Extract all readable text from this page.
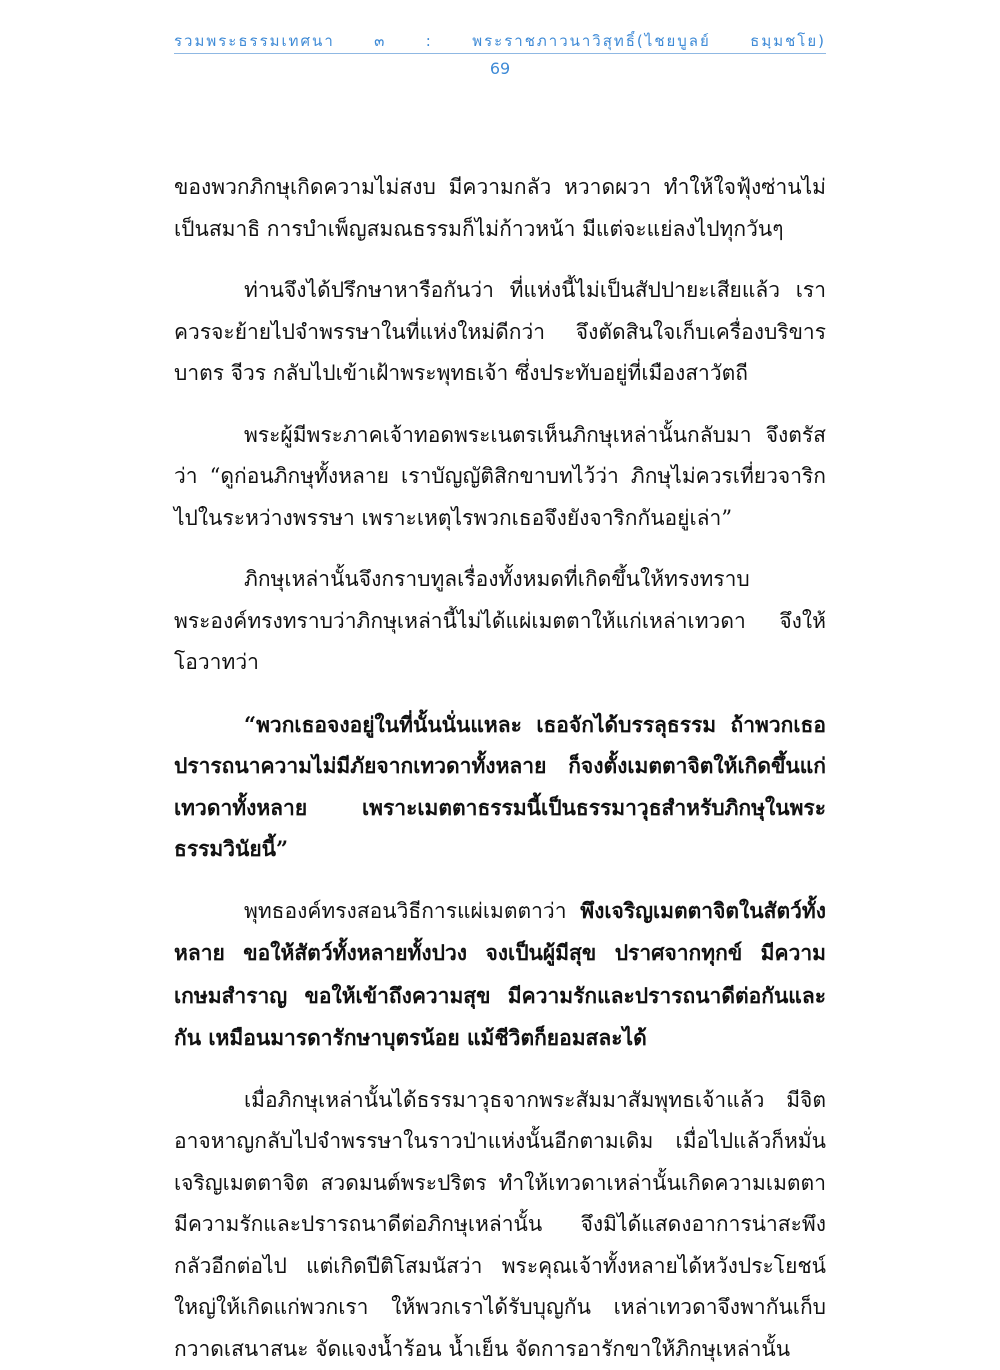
รวมพระธรรมเทศนา ๓ : พระราชภาวนาวิสุทธิ์(ไชยบูลย์ ธมฺมชโย)
69

ของพวกภิกษุเกิดความไม่สงบ มีความกลัว หวาดผวา ทำให้ใจฟุ้งซ่านไม่เป็นสมาธิ การบำเพ็ญสมณธรรมก็ไม่ก้าวหน้า มีแต่จะแย่ลงไปทุกวันๆ

ท่านจึงได้ปรึกษาหารือกันว่า ที่แห่งนี้ไม่เป็นสัปปายะเสียแล้ว เราควรจะย้ายไปจำพรรษาในที่แห่งใหม่ดีกว่า จึงตัดสินใจเก็บเครื่องบริขาร บาตร จีวร กลับไปเข้าเฝ้าพระพุทธเจ้า ซึ่งประทับอยู่ที่เมืองสาวัตถี

พระผู้มีพระภาคเจ้าทอดพระเนตรเห็นภิกษุเหล่านั้นกลับมา จึงตรัสว่า “ดูก่อนภิกษุทั้งหลาย เราบัญญัติสิกขาบทไว้ว่า ภิกษุไม่ควรเที่ยวจาริกไปในระหว่างพรรษา เพราะเหตุไรพวกเธอจึงยังจาริกกันอยู่เล่า”

ภิกษุเหล่านั้นจึงกราบทูลเรื่องทั้งหมดที่เกิดขึ้นให้ทรงทราบ พระองค์ทรงทราบว่าภิกษุเหล่านี้ไม่ได้แผ่เมตตาให้แก่เหล่าเทวดา จึงให้โอวาทว่า

“พวกเธอจงอยู่ในที่นั้นนั่นแหละ เธอจักได้บรรลุธรรม ถ้าพวกเธอปรารถนาความไม่มีภัยจากเทวดาทั้งหลาย ก็จงตั้งเมตตาจิตให้เกิดขึ้นแก่เทวดาทั้งหลาย เพราะเมตตาธรรมนี้เป็นธรรมาวุธสำหรับภิกษุในพระธรรมวินัยนี้”

พุทธองค์ทรงสอนวิธีการแผ่เมตตาว่า พึงเจริญเมตตาจิตในสัตว์ทั้งหลาย ขอให้สัตว์ทั้งหลายทั้งปวง จงเป็นผู้มีสุข ปราศจากทุกข์ มีความเกษมสำราญ ขอให้เข้าถึงความสุข มีความรักและปรารถนาดีต่อกันและกัน เหมือนมารดารักษาบุตรน้อย แม้ชีวิตก็ยอมสละได้

เมื่อภิกษุเหล่านั้นได้ธรรมาวุธจากพระสัมมาสัมพุทธเจ้าแล้ว มีจิตอาจหาญกลับไปจำพรรษาในราวป่าแห่งนั้นอีกตามเดิม เมื่อไปแล้วก็หมั่นเจริญเมตตาจิต สวดมนต์พระปริตร ทำให้เทวดาเหล่านั้นเกิดความเมตตา มีความรักและปรารถนาดีต่อภิกษุเหล่านั้น จึงมิได้แสดงอาการน่าสะพึงกลัวอีกต่อไป แต่เกิดปีติโสมนัสว่า พระคุณเจ้าทั้งหลายได้หวังประโยชน์ใหญ่ให้เกิดแก่พวกเรา ให้พวกเราได้รับบุญกัน เหล่าเทวดาจึงพากันเก็บกวาดเสนาสนะ จัดแจงน้ำร้อน น้ำเย็น จัดการอารักขาให้ภิกษุเหล่านั้น
